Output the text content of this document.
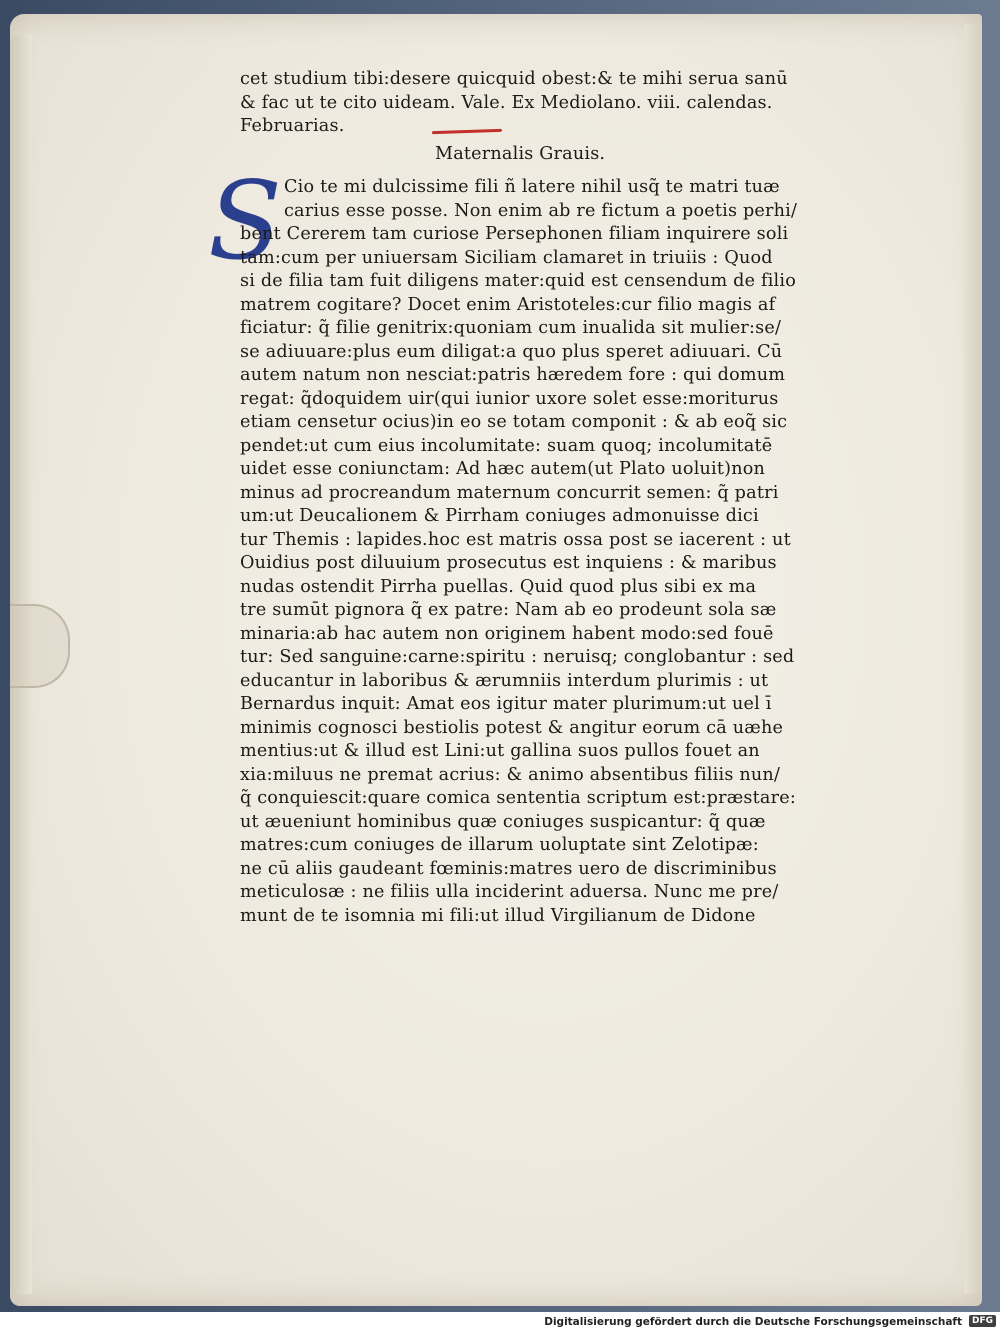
S
cet studium tibi:desere quicquid obest:& te mihi serua sanū
& fac ut te cito uideam. Vale. Ex Mediolano. viii. calendas.
Februarias.
Maternalis Grauis.
Cio te mi dulcissime fili ñ latere nihil usq̃ te matri tuæ
carius esse posse. Non enim ab re fictum a poetis perhi/
bent Cererem tam curiose Persephonen filiam inquirere soli
tam:cum per uniuersam Siciliam clamaret in triuiis : Quod
si de filia tam fuit diligens mater:quid est censendum de filio
matrem cogitare? Docet enim Aristoteles:cur filio magis af
ficiatur: q̃ filie genitrix:quoniam cum inualida sit mulier:se/
se adiuuare:plus eum diligat:a quo plus speret adiuuari. Cū
autem natum non nesciat:patris hæredem fore : qui domum
regat: q̃doquidem uir(qui iunior uxore solet esse:moriturus
etiam censetur ocius)in eo se totam componit : & ab eoq̃ sic
pendet:ut cum eius incolumitate: suam quoq; incolumitatē
uidet esse coniunctam: Ad hæc autem(ut Plato uoluit)non
minus ad procreandum maternum concurrit semen: q̃ patri
um:ut Deucalionem & Pirrham coniuges admonuisse dici
tur Themis : lapides.hoc est matris ossa post se iacerent : ut
Ouidius post diluuium prosecutus est inquiens : & maribus
nudas ostendit Pirrha puellas. Quid quod plus sibi ex ma
tre sumūt pignora q̃ ex patre: Nam ab eo prodeunt sola sæ
minaria:ab hac autem non originem habent modo:sed fouē
tur: Sed sanguine:carne:spiritu : neruisq; conglobantur : sed
educantur in laboribus & ærumniis interdum plurimis : ut
Bernardus inquit: Amat eos igitur mater plurimum:ut uel ī
minimis cognosci bestiolis potest & angitur eorum cā uæhe
mentius:ut & illud est Lini:ut gallina suos pullos fouet an
xia:miluus ne premat acrius: & animo absentibus filiis nun/
q̃ conquiescit:quare comica sententia scriptum est:præstare:
ut æueniunt hominibus quæ coniuges suspicantur: q̃ quæ
matres:cum coniuges de illarum uoluptate sint Zelotipæ:
ne cū aliis gaudeant fœminis:matres uero de discriminibus
meticulosæ : ne filiis ulla inciderint aduersa. Nunc me pre/
munt de te isomnia mi fili:ut illud Virgilianum de Didone
Digitalisierung gefördert durch die Deutsche Forschungsgemeinschaft	DFG
